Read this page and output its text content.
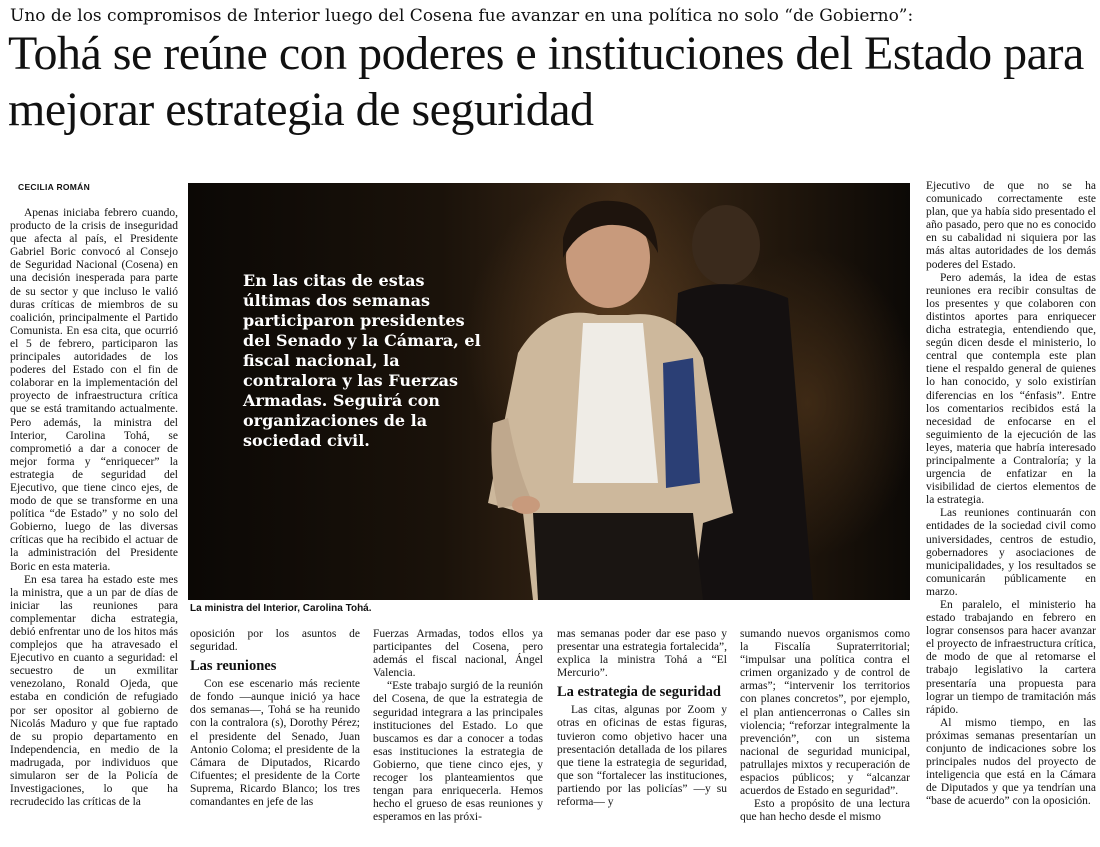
Uno de los compromisos de Interior luego del Cosena fue avanzar en una política no solo “de Gobierno”:
Tohá se reúne con poderes e instituciones del Estado para mejorar estrategia de seguridad
CECILIA ROMÁN

Apenas iniciaba febrero cuando, producto de la crisis de inseguridad que afecta al país, el Presidente Gabriel Boric convocó al Consejo de Seguridad Nacional (Cosena) en una decisión inesperada para parte de su sector y que incluso le valió duras críticas de miembros de su coalición, principalmente el Partido Comunista. En esa cita, que ocurrió el 5 de febrero, participaron las principales autoridades de los poderes del Estado con el fin de colaborar en la implementación del proyecto de infraestructura crítica que se está tramitando actualmente. Pero además, la ministra del Interior, Carolina Tohá, se comprometió a dar a conocer de mejor forma y “enriquecer” la estrategia de seguridad del Ejecutivo, que tiene cinco ejes, de modo de que se transforme en una política “de Estado” y no solo del Gobierno, luego de las diversas críticas que ha recibido el actuar de la administración del Presidente Boric en esta materia.

En esa tarea ha estado este mes la ministra, que a un par de días de iniciar las reuniones para complementar dicha estrategia, debió enfrentar uno de los hitos más complejos que ha atravesado el Ejecutivo en cuanto a seguridad: el secuestro de un exmilitar venezolano, Ronald Ojeda, que estaba en condición de refugiado por ser opositor al gobierno de Nicolás Maduro y que fue raptado de su propio departamento en Independencia, en medio de la madrugada, por individuos que simularon ser de la Policía de Investigaciones, lo que ha recrudecido las críticas de la

En las citas de estas últimas dos semanas participaron presidentes del Senado y la Cámara, el fiscal nacional, la contralora y las Fuerzas Armadas. Seguirá con organizaciones de la sociedad civil.
La ministra del Interior, Carolina Tohá.

oposición por los asuntos de seguridad.

Las reuniones

Con ese escenario más reciente de fondo —aunque inició ya hace dos semanas—, Tohá se ha reunido con la contralora (s), Dorothy Pérez; el presidente del Senado, Juan Antonio Coloma; el presidente de la Cámara de Diputados, Ricardo Cifuentes; el presidente de la Corte Suprema, Ricardo Blanco; los tres comandantes en jefe de las

Fuerzas Armadas, todos ellos ya participantes del Cosena, pero además el fiscal nacional, Ángel Valencia.

“Este trabajo surgió de la reunión del Cosena, de que la estrategia de seguridad integrara a las principales instituciones del Estado. Lo que buscamos es dar a conocer a todas esas instituciones la estrategia de Gobierno, que tiene cinco ejes, y recoger los planteamientos que tengan para enriquecerla. Hemos hecho el grueso de esas reuniones y esperamos en las próxi-

mas semanas poder dar ese paso y presentar una estrategia fortalecida”, explica la ministra Tohá a “El Mercurio”.

La estrategia de seguridad

Las citas, algunas por Zoom y otras en oficinas de estas figuras, tuvieron como objetivo hacer una presentación detallada de los pilares que tiene la estrategia de seguridad, que son “fortalecer las instituciones, partiendo por las policías” —y su reforma— y

sumando nuevos organismos como la Fiscalía Supraterritorial; “impulsar una política contra el crimen organizado y de control de armas”; “intervenir los territorios con planes concretos”, por ejemplo, el plan antiencerronas o Calles sin violencia; “reforzar integralmente la prevención”, con un sistema nacional de seguridad municipal, patrullajes mixtos y recuperación de espacios públicos; y “alcanzar acuerdos de Estado en seguridad”.

Esto a propósito de una lectura que han hecho desde el mismo

Ejecutivo de que no se ha comunicado correctamente este plan, que ya había sido presentado el año pasado, pero que no es conocido en su cabalidad ni siquiera por las más altas autoridades de los demás poderes del Estado.

Pero además, la idea de estas reuniones era recibir consultas de los presentes y que colaboren con distintos aportes para enriquecer dicha estrategia, entendiendo que, según dicen desde el ministerio, lo central que contempla este plan tiene el respaldo general de quienes lo han conocido, y solo existirían diferencias en los “énfasis”. Entre los comentarios recibidos está la necesidad de enfocarse en el seguimiento de la ejecución de las leyes, materia que habría interesado principalmente a Contraloría; y la urgencia de enfatizar en la visibilidad de ciertos elementos de la estrategia.

Las reuniones continuarán con entidades de la sociedad civil como universidades, centros de estudio, gobernadores y asociaciones de municipalidades, y los resultados se comunicarán públicamente en marzo.

En paralelo, el ministerio ha estado trabajando en febrero en lograr consensos para hacer avanzar el proyecto de infraestructura crítica, de modo de que al retomarse el trabajo legislativo la cartera presentaría una propuesta para lograr un tiempo de tramitación más rápido.

Al mismo tiempo, en las próximas semanas presentarían un conjunto de indicaciones sobre los principales nudos del proyecto de inteligencia que está en la Cámara de Diputados y que ya tendrían una “base de acuerdo” con la oposición.
